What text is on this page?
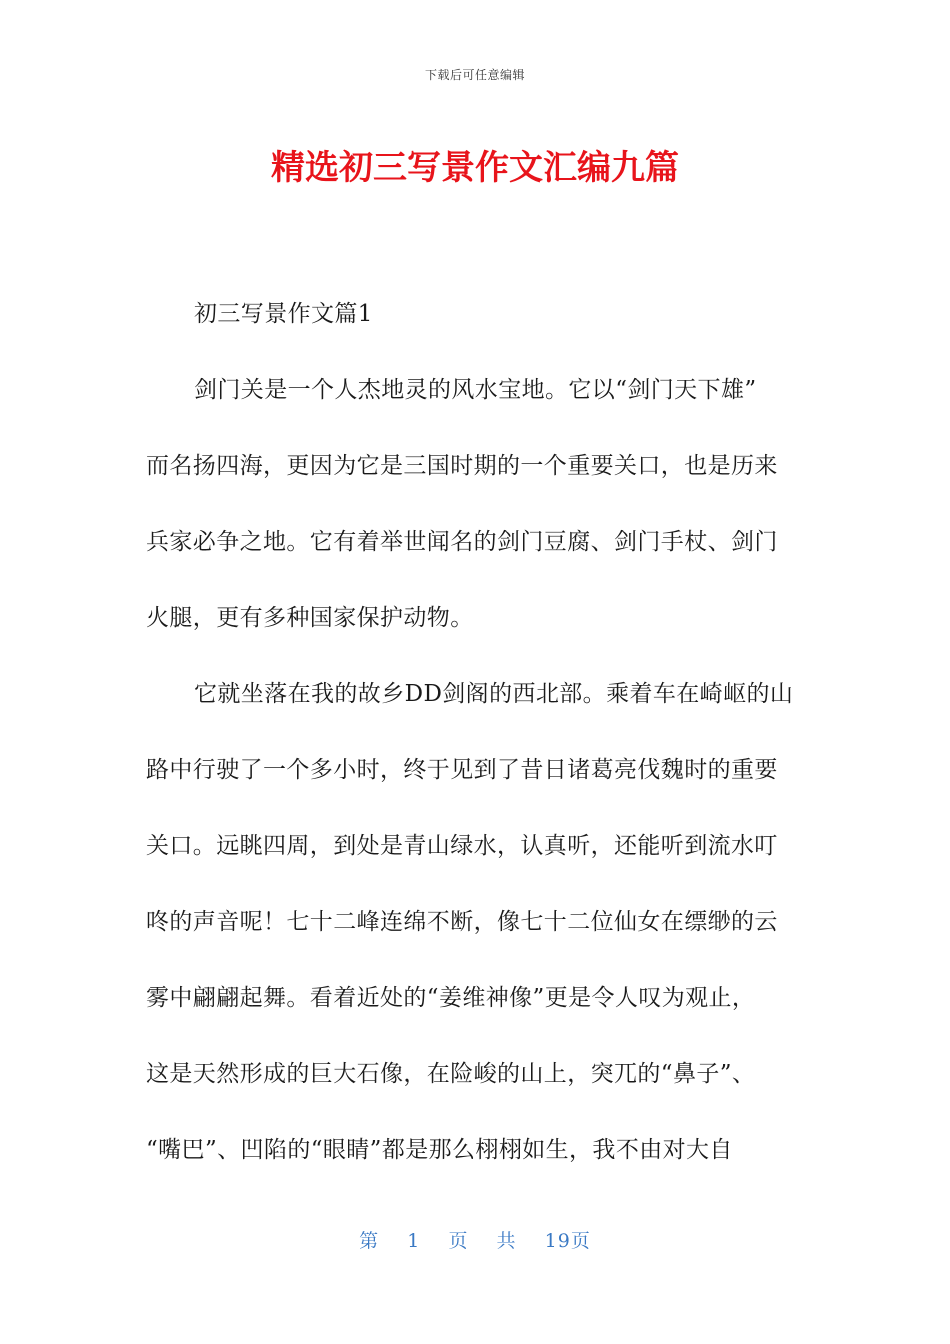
下载后可任意编辑
精选初三写景作文汇编九篇

初三写景作文篇1

剑门关是一个人杰地灵的风水宝地。它以“剑门天下雄”
而名扬四海，更因为它是三国时期的一个重要关口，也是历来
兵家必争之地。它有着举世闻名的剑门豆腐、剑门手杖、剑门
火腿，更有多种国家保护动物。

它就坐落在我的故乡DD剑阁的西北部。乘着车在崎岖的山
路中行驶了一个多小时，终于见到了昔日诸葛亮伐魏时的重要
关口。远眺四周，到处是青山绿水，认真听，还能听到流水叮
咚的声音呢！七十二峰连绵不断，像七十二位仙女在缥缈的云
雾中翩翩起舞。看着近处的“姜维神像”更是令人叹为观止，
这是天然形成的巨大石像，在险峻的山上，突兀的“鼻子”、
“嘴巴”、凹陷的“眼睛”都是那么栩栩如生，我不由对大自

第 1 页 共 19页
